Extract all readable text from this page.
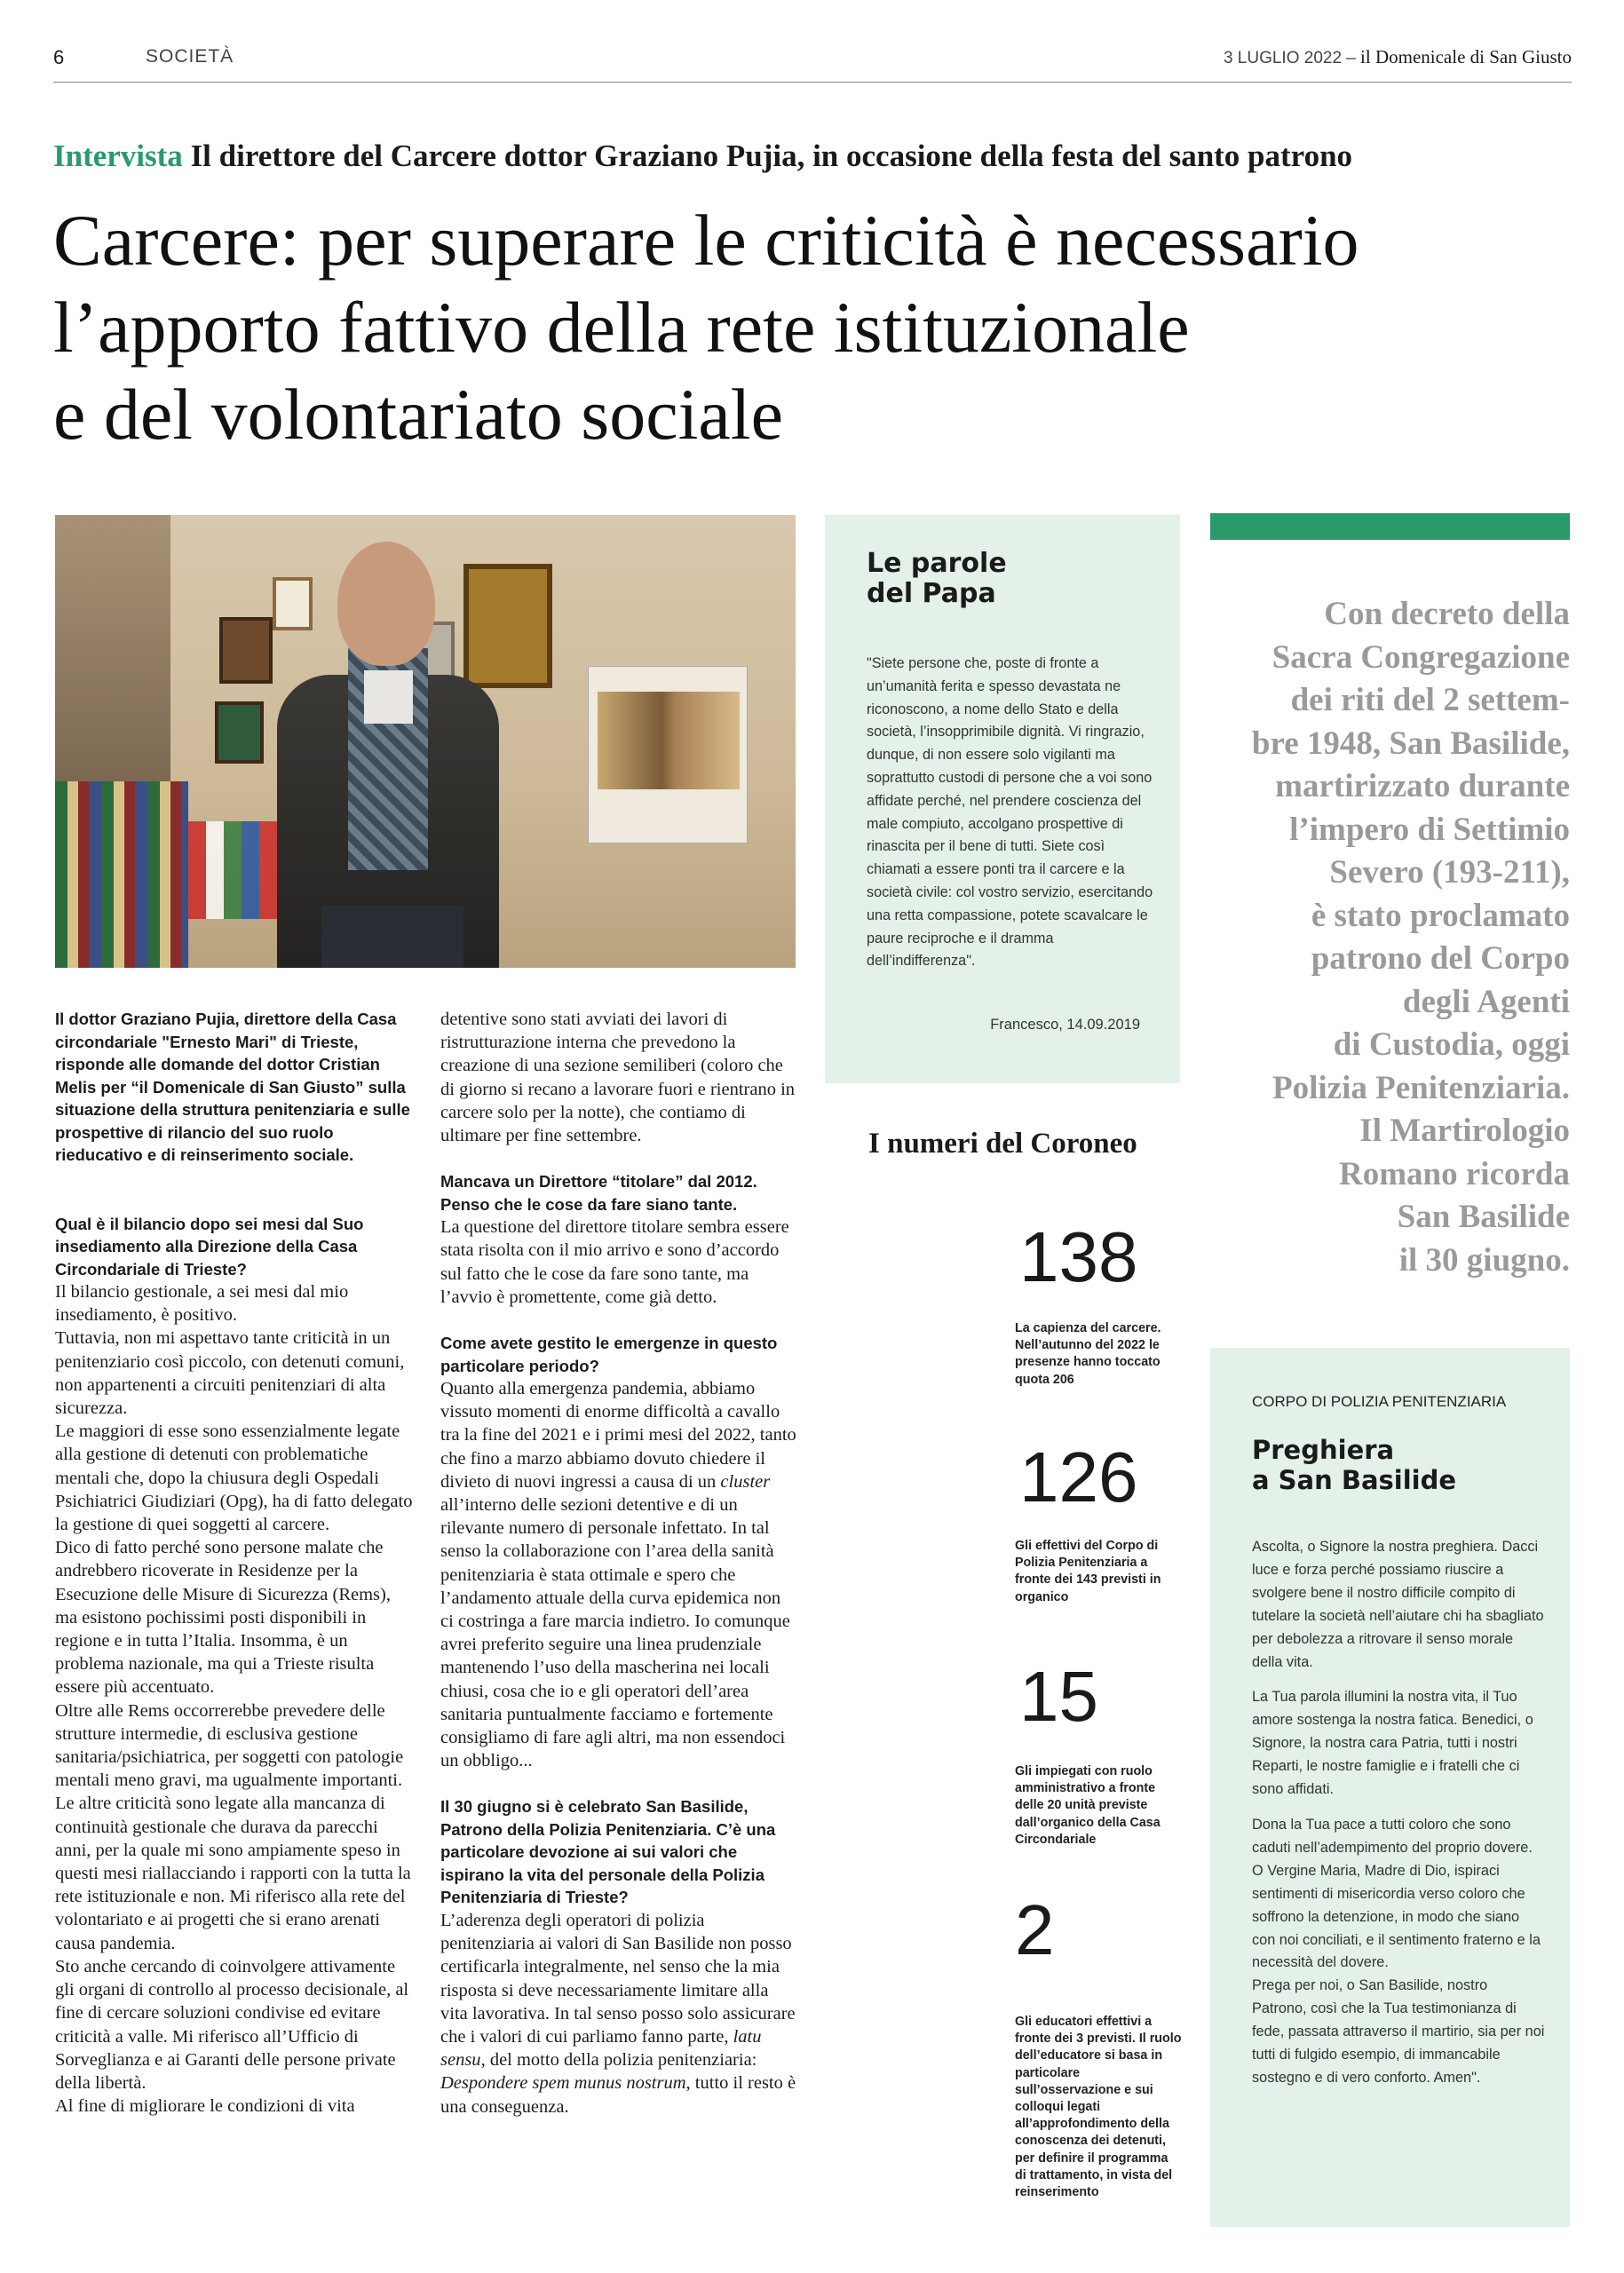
6	SOCIETÀ	3 LUGLIO 2022 – il Domenicale di San Giusto
Intervista Il direttore del Carcere dottor Graziano Pujia, in occasione della festa del santo patrono
Carcere: per superare le criticità è necessario
l’apporto fattivo della rete istituzionale
e del volontariato sociale

Il dottor Graziano Pujia, direttore della Casa circondariale "Ernesto Mari" di Trieste, risponde alle domande del dottor Cristian Melis per “il Domenicale di San Giusto” sulla situazione della struttura penitenziaria e sulle prospettive di rilancio del suo ruolo rieducativo e di reinserimento sociale.

Qual è il bilancio dopo sei mesi dal Suo insediamento alla Direzione della Casa Circondariale di Trieste?

Il bilancio gestionale, a sei mesi dal mio insediamento, è positivo.

Tuttavia, non mi aspettavo tante criticità in un penitenziario così piccolo, con detenuti comuni, non appartenenti a circuiti penitenziari di alta sicurezza.

Le maggiori di esse sono essenzialmente legate alla gestione di detenuti con problematiche mentali che, dopo la chiusura degli Ospedali Psichiatrici Giudiziari (Opg), ha di fatto delegato la gestione di quei soggetti al carcere.

Dico di fatto perché sono persone malate che andrebbero ricoverate in Residenze per la Esecuzione delle Misure di Sicurezza (Rems), ma esistono pochissimi posti disponibili in regione e in tutta l’Italia. Insomma, è un problema nazionale, ma qui a Trieste risulta essere più accentuato.

Oltre alle Rems occorrerebbe prevedere delle strutture intermedie, di esclusiva gestione sanitaria/psichiatrica, per soggetti con patologie mentali meno gravi, ma ugualmente importanti.

Le altre criticità sono legate alla mancanza di continuità gestionale che durava da parecchi anni, per la quale mi sono ampiamente speso in questi mesi riallacciando i rapporti con la tutta la rete istituzionale e non. Mi riferisco alla rete del volontariato e ai progetti che si erano arenati causa pandemia.

Sto anche cercando di coinvolgere attivamente gli organi di controllo al processo decisionale, al fine di cercare soluzioni condivise ed evitare criticità a valle. Mi riferisco all’Ufficio di Sorveglianza e ai Garanti delle persone private della libertà.

Al fine di migliorare le condizioni di vita

detentive sono stati avviati dei lavori di ristrutturazione interna che prevedono la creazione di una sezione semiliberi (coloro che di giorno si recano a lavorare fuori e rientrano in carcere solo per la notte), che contiamo di ultimare per fine settembre.

Mancava un Direttore “titolare” dal 2012. Penso che le cose da fare siano tante.

La questione del direttore titolare sembra essere stata risolta con il mio arrivo e sono d’accordo sul fatto che le cose da fare sono tante, ma l’avvio è promettente, come già detto.

Come avete gestito le emergenze in questo particolare periodo?

Quanto alla emergenza pandemia, abbiamo vissuto momenti di enorme difficoltà a cavallo tra la fine del 2021 e i primi mesi del 2022, tanto che fino a marzo abbiamo dovuto chiedere il divieto di nuovi ingressi a causa di un cluster all’interno delle sezioni detentive e di un rilevante numero di personale infettato. In tal senso la collaborazione con l’area della sanità penitenziaria è stata ottimale e spero che l’andamento attuale della curva epidemica non ci costringa a fare marcia indietro. Io comunque avrei preferito seguire una linea prudenziale mantenendo l’uso della mascherina nei locali chiusi, cosa che io e gli operatori dell’area sanitaria puntualmente facciamo e fortemente consigliamo di fare agli altri, ma non essendoci un obbligo...

Il 30 giugno si è celebrato San Basilide, Patrono della Polizia Penitenziaria. C’è una particolare devozione ai sui valori che ispirano la vita del personale della Polizia Penitenziaria di Trieste?

L’aderenza degli operatori di polizia penitenziaria ai valori di San Basilide non posso certificarla integralmente, nel senso che la mia risposta si deve necessariamente limitare alla vita lavorativa. In tal senso posso solo assicurare che i valori di cui parliamo fanno parte, latu sensu, del motto della polizia penitenziaria: Despondere spem munus nostrum, tutto il resto è una conseguenza.

Le parole
del Papa

"Siete persone che, poste di fronte a un’umanità ferita e spesso devastata ne riconoscono, a nome dello Stato e della società, l’insopprimibile dignità. Vi ringrazio, dunque, di non essere solo vigilanti ma soprattutto custodi di persone che a voi sono affidate perché, nel prendere coscienza del male compiuto, accolgano prospettive di rinascita per il bene di tutti. Siete così chiamati a essere ponti tra il carcere e la società civile: col vostro servizio, esercitando una retta compassione, potete scavalcare le paure reciproche e il dramma dell’indifferenza".

Francesco, 14.09.2019

I numeri del Coroneo
138
La capienza del carcere. Nell’autunno del 2022 le presenze hanno toccato quota 206
126
Gli effettivi del Corpo di Polizia Penitenziaria a fronte dei 143 previsti in organico
15
Gli impiegati con ruolo amministrativo a fronte delle 20 unità previste dall’organico della Casa Circondariale
2
Gli educatori effettivi a fronte dei 3 previsti. Il ruolo dell’educatore si basa in particolare sull’osservazione e sui colloqui legati all’approfondimento della conoscenza dei detenuti, per definire il programma di trattamento, in vista del reinserimento
Con decreto della
Sacra Congregazione
dei riti del 2 settem-
bre 1948, San Basilide,
martirizzato durante
l’impero di Settimio
Severo (193-211),
è stato proclamato
patrono del Corpo
degli Agenti
di Custodia, oggi
Polizia Penitenziaria.
Il Martirologio
Romano ricorda
San Basilide
il 30 giugno.

CORPO DI POLIZIA PENITENZIARIA

Preghiera
a San Basilide

Ascolta, o Signore la nostra preghiera. Dacci luce e forza perché possiamo riuscire a svolgere bene il nostro difficile compito di tutelare la società nell’aiutare chi ha sbagliato per debolezza a ritrovare il senso morale della vita.

La Tua parola illumini la nostra vita, il Tuo amore sostenga la nostra fatica. Benedici, o Signore, la nostra cara Patria, tutti i nostri Reparti, le nostre famiglie e i fratelli che ci sono affidati.

Dona la Tua pace a tutti coloro che sono caduti nell’adempimento del proprio dovere.
O Vergine Maria, Madre di Dio, ispiraci sentimenti di misericordia verso coloro che soffrono la detenzione, in modo che siano con noi conciliati, e il sentimento fraterno e la necessità del dovere.
Prega per noi, o San Basilide, nostro Patrono, così che la Tua testimonianza di fede, passata attraverso il martirio, sia per noi tutti di fulgido esempio, di immancabile sostegno e di vero conforto. Amen".
